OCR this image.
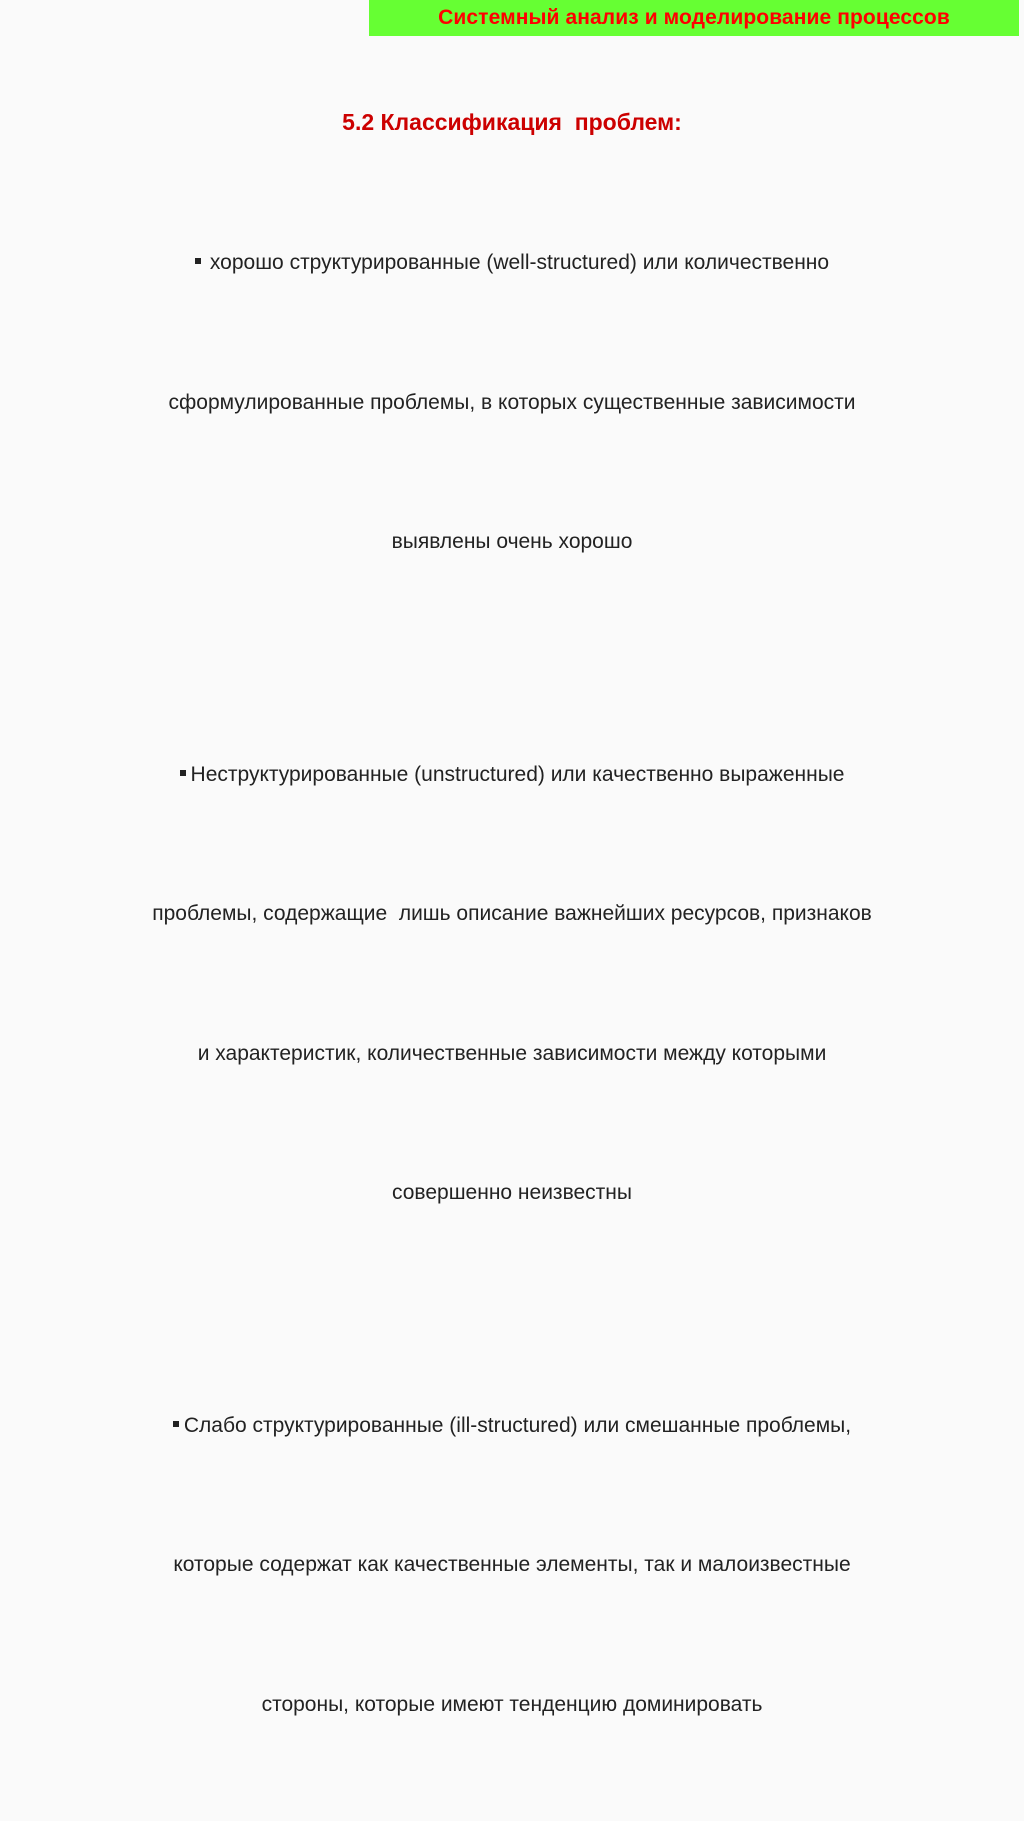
Системный анализ и моделирование процессов
5.2 Классификация  проблем:

хорошо структурированные (well-structured) или количественно

сформулированные проблемы, в которых существенные зависимости

выявлены очень хорошо

Неструктурированные (unstructured) или качественно выраженные

проблемы, содержащие  лишь описание важнейших ресурсов, признаков

и характеристик, количественные зависимости между которыми

совершенно неизвестны

Слабо структурированные (ill-structured) или смешанные проблемы,

которые содержат как качественные элементы, так и малоизвестные

стороны, которые имеют тенденцию доминировать
